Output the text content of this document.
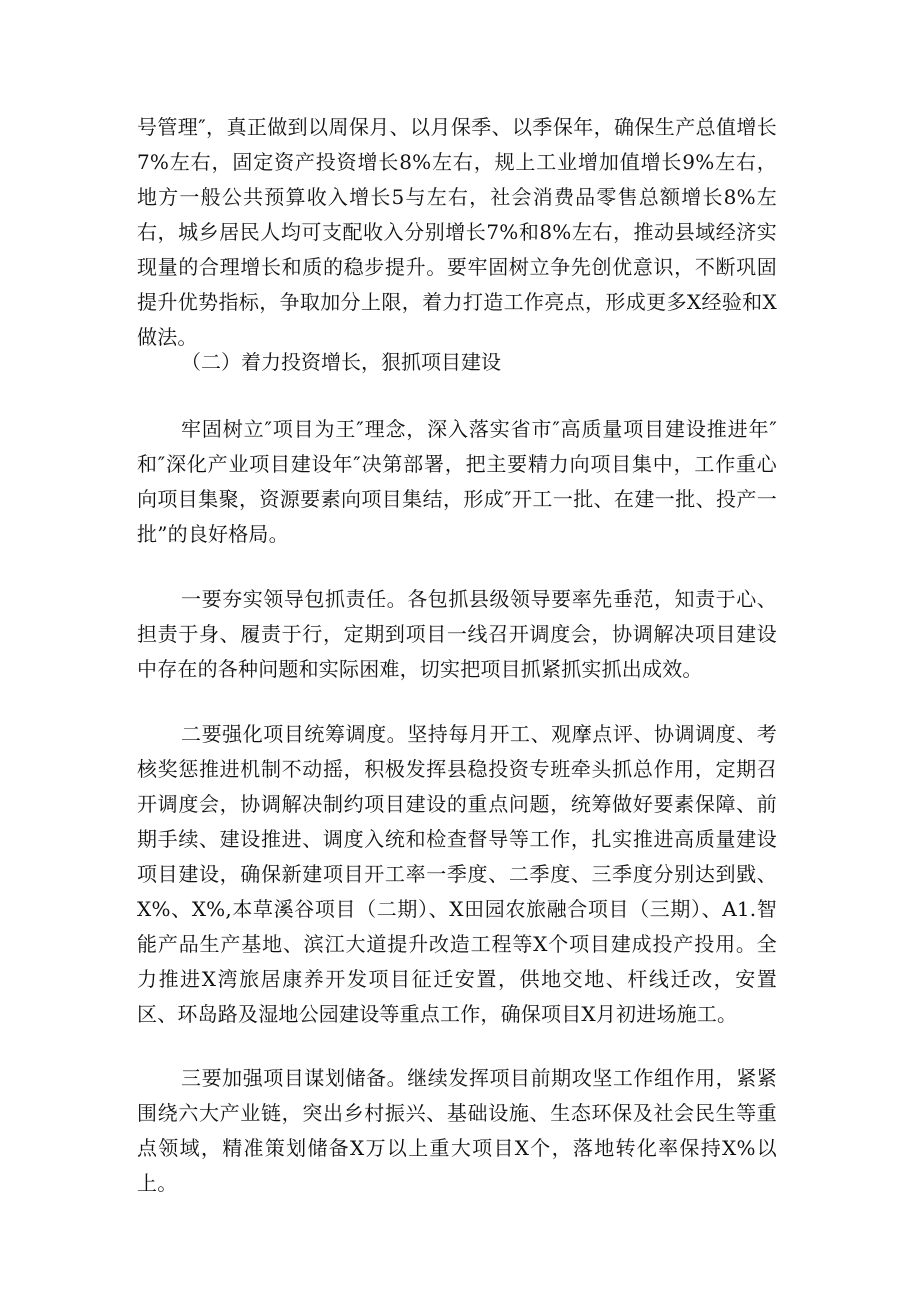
号管理″，真正做到以周保月、以月保季、以季保年，确保生产总值增长7%左右，固定资产投资增长8%左右，规上工业增加值增长9%左右，地方一般公共预算收入增长5与左右，社会消费品零售总额增长8%左右，城乡居民人均可支配收入分别增长7%和8%左右，推动县域经济实现量的合理增长和质的稳步提升。要牢固树立争先创优意识，不断巩固提升优势指标，争取加分上限，着力打造工作亮点，形成更多X经验和X做法。

（二）着力投资增长，狠抓项目建设

牢固树立″项目为王″理念，深入落实省市″高质量项目建设推进年″和″深化产业项目建设年″决第部署，把主要精力向项目集中，工作重心向项目集聚，资源要素向项目集结，形成″开工一批、在建一批、投产一批”的良好格局。

一要夯实领导包抓责任。各包抓县级领导要率先垂范，知责于心、担责于身、履责于行，定期到项目一线召开调度会，协调解决项目建设中存在的各种问题和实际困难，切实把项目抓紧抓实抓出成效。

二要强化项目统筹调度。坚持每月开工、观摩点评、协调调度、考核奖惩推进机制不动摇，积极发挥县稳投资专班牵头抓总作用，定期召开调度会，协调解决制约项目建设的重点问题，统筹做好要素保障、前期手续、建设推进、调度入统和检查督导等工作，扎实推进高质量建设项目建设，确保新建项目开工率一季度、二季度、三季度分别达到戥、X%、X%,本草溪谷项目（二期）、X田园农旅融合项目（三期）、A1.智能产品生产基地、滨江大道提升改造工程等X个项目建成投产投用。全力推进X湾旅居康养开发项目征迁安置，供地交地、杆线迁改，安置区、环岛路及湿地公园建设等重点工作，确保项目X月初进场施工。

三要加强项目谋划储备。继续发挥项目前期攻坚工作组作用，紧紧围绕六大产业链，突出乡村振兴、基础设施、生态环保及社会民生等重点领域，精准策划储备X万以上重大项目X个，落地转化率保持X%以上。
